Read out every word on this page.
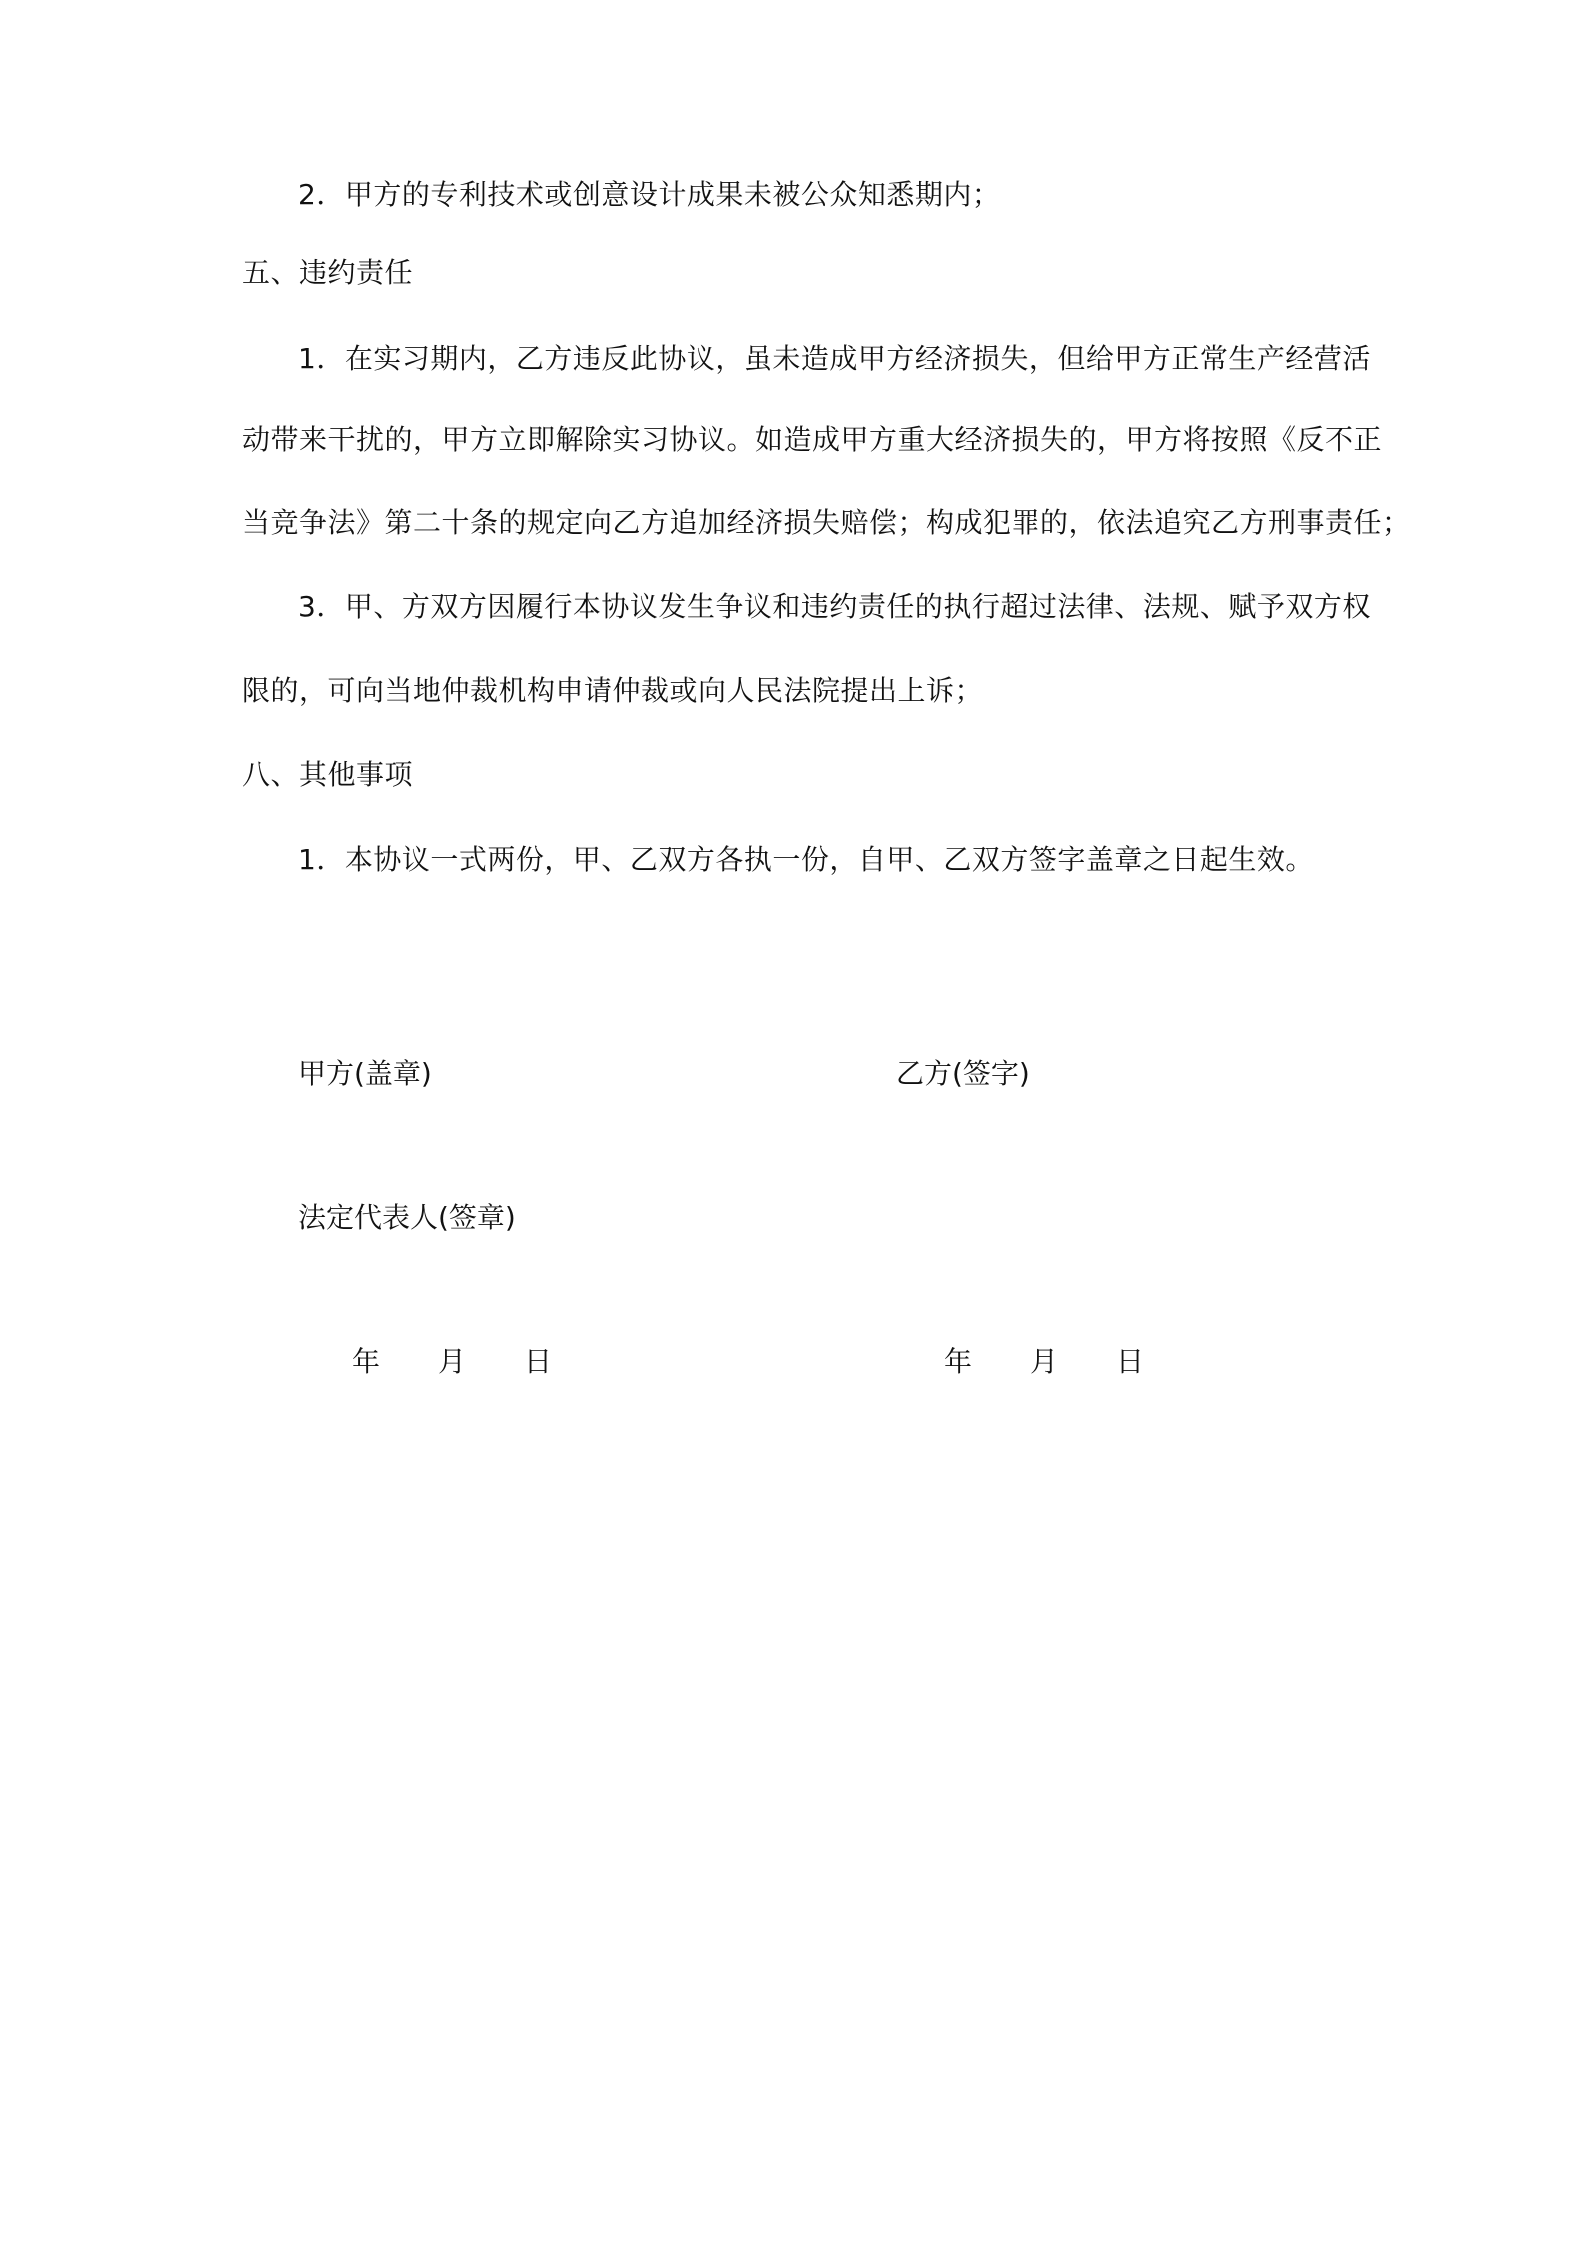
2．甲方的专利技术或创意设计成果未被公众知悉期内；
五、违约责任
1．在实习期内，乙方违反此协议，虽未造成甲方经济损失，但给甲方正常生产经营活
动带来干扰的，甲方立即解除实习协议。如造成甲方重大经济损失的，甲方将按照《反不正
当竞争法》第二十条的规定向乙方追加经济损失赔偿；构成犯罪的，依法追究乙方刑事责任；
3．甲、方双方因履行本协议发生争议和违约责任的执行超过法律、法规、赋予双方权
限的，可向当地仲裁机构申请仲裁或向人民法院提出上诉；
八、其他事项
1．本协议一式两份，甲、乙双方各执一份，自甲、乙双方签字盖章之日起生效。
甲方(盖章)	乙方(签字)
法定代表人(签章)
年	月	日	年	月	日
